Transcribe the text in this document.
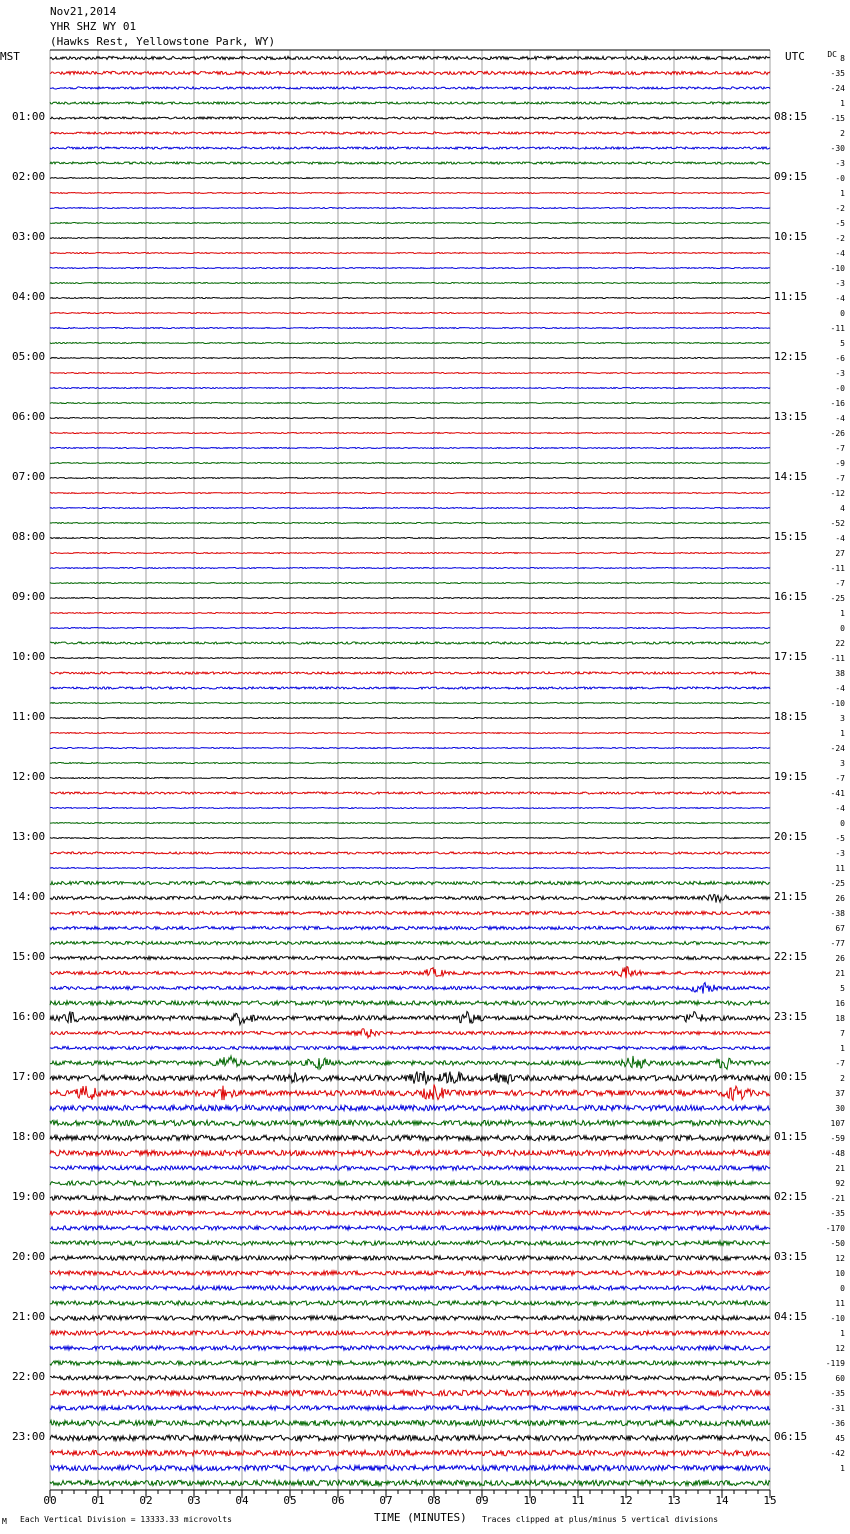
Nov21,2014
YHR SHZ WY 01
(Hawks Rest, Yellowstone Park, WY)
MST	UTC	DC
00	01	02	03	04	05	06	07	08	09	10	11	12	13	14	15
01:00
02:00
03:00
04:00
05:00
06:00
07:00
08:00
09:00
10:00
11:00
12:00
13:00
14:00
15:00
16:00
17:00
18:00
19:00
20:00
21:00
22:00
23:00
08:15
09:15
10:15
11:15
12:15
13:15
14:15
15:15
16:15
17:15
18:15
19:15
20:15
21:15
22:15
23:15
00:15
01:15
02:15
03:15
04:15
05:15
06:15
8
-35
-24
1
-15
2
-30
-3
-0
1
-2
-5
-2
-4
-10
-3
-4
0
-11
5
-6
-3
-0
-16
-4
-26
-7
-9
-7
-12
4
-52
-4
27
-11
-7
-25
1
0
22
-11
38
-4
-10
3
1
-24
3
-7
-41
-4
0
-5
-3
11
-25
26
-38
67
-77
26
21
5
16
18
7
1
-7
2
37
30
107
-59
-48
21
92
-21
-35
-170
-50
12
10
0
11
-10
1
12
-119
60
-35
-31
-36
45
-42
1
M Each Vertical Division = 13333.33 microvolts	TIME (MINUTES) Traces clipped at plus/minus 5 vertical divisions
